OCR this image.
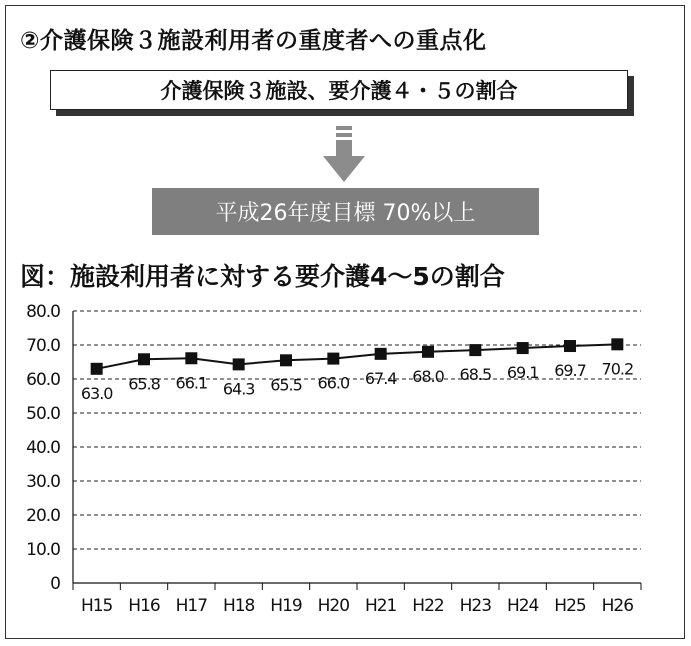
②介護保険３施設利用者の重度者への重点化
介護保険３施設、要介護４・５の割合
平成26年度目標 70%以上
図：施設利用者に対する要介護4～5の割合
0
10.0
20.0
30.0
40.0
50.0
60.0
70.0
80.0
H15 H16 H17 H18 H19 H20 H21 H22 H23 H24 H25 H26
63.0
65.8 66.1 64.3 65.5 66.0 67.4 68.0 68.5 69.1 69.7 70.2
